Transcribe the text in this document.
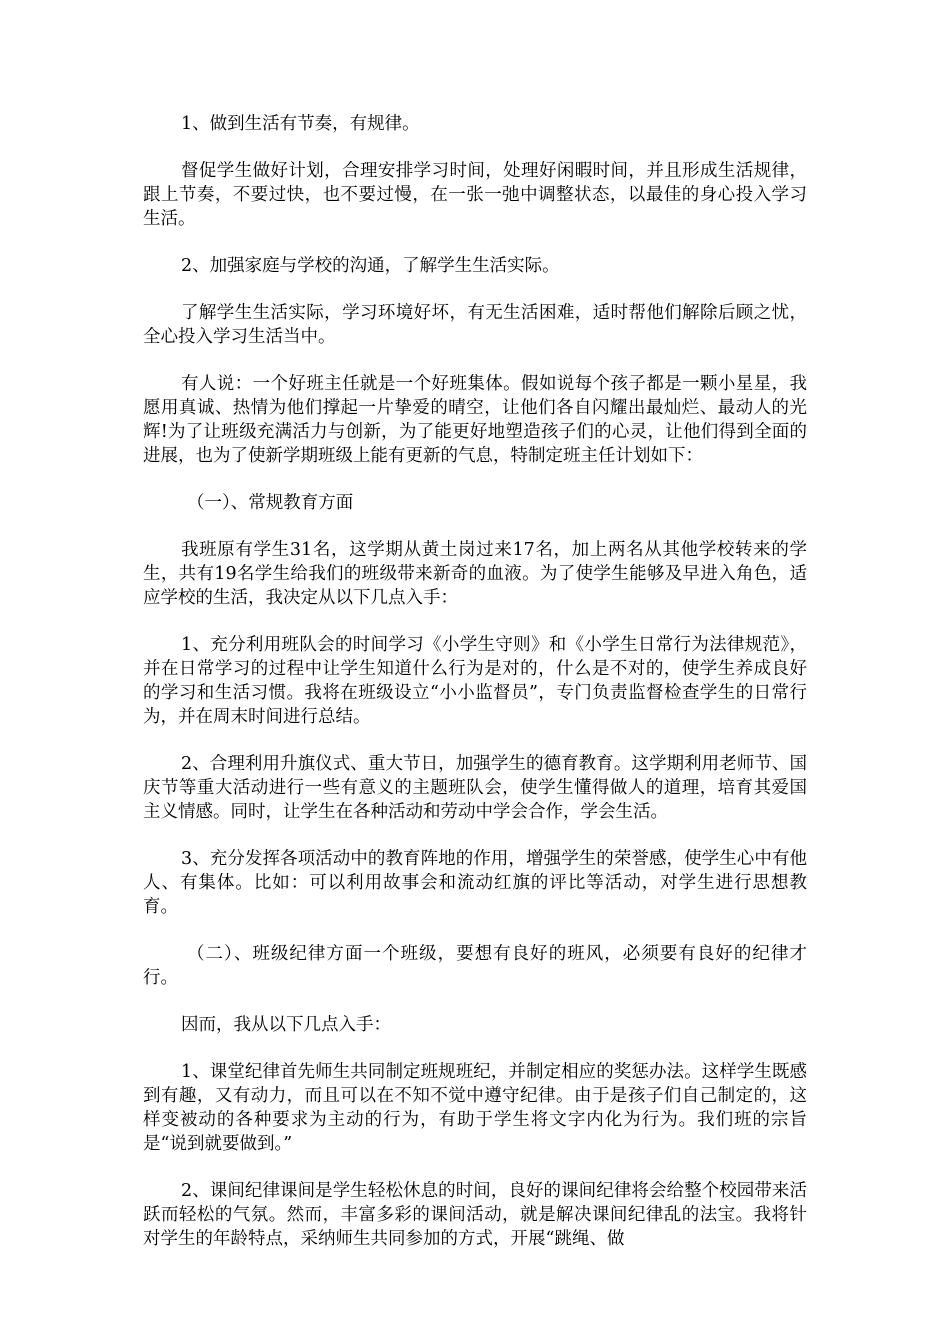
1、做到生活有节奏，有规律。

督促学生做好计划，合理安排学习时间，处理好闲暇时间，并且形成生活规律，跟上节奏，不要过快，也不要过慢，在一张一弛中调整状态，以最佳的身心投入学习生活。

2、加强家庭与学校的沟通，了解学生生活实际。

了解学生生活实际，学习环境好坏，有无生活困难，适时帮他们解除后顾之忧，全心投入学习生活当中。

有人说：一个好班主任就是一个好班集体。假如说每个孩子都是一颗小星星，我愿用真诚、热情为他们撑起一片挚爱的晴空，让他们各自闪耀出最灿烂、最动人的光辉!为了让班级充满活力与创新，为了能更好地塑造孩子们的心灵，让他们得到全面的进展，也为了使新学期班级上能有更新的气息，特制定班主任计划如下：

（一）、常规教育方面

我班原有学生31名，这学期从黄土岗过来17名，加上两名从其他学校转来的学生，共有19名学生给我们的班级带来新奇的血液。为了使学生能够及早进入角色，适应学校的生活，我决定从以下几点入手：

1、充分利用班队会的时间学习《小学生守则》和《小学生日常行为法律规范》，并在日常学习的过程中让学生知道什么行为是对的，什么是不对的，使学生养成良好的学习和生活习惯。我将在班级设立“小小监督员”，专门负责监督检查学生的日常行为，并在周末时间进行总结。

2、合理利用升旗仪式、重大节日，加强学生的德育教育。这学期利用老师节、国庆节等重大活动进行一些有意义的主题班队会，使学生懂得做人的道理，培育其爱国主义情感。同时，让学生在各种活动和劳动中学会合作，学会生活。

3、充分发挥各项活动中的教育阵地的作用，增强学生的荣誉感，使学生心中有他人、有集体。比如：可以利用故事会和流动红旗的评比等活动，对学生进行思想教育。

（二）、班级纪律方面一个班级，要想有良好的班风，必须要有良好的纪律才行。

因而，我从以下几点入手：

1、课堂纪律首先师生共同制定班规班纪，并制定相应的奖惩办法。这样学生既感到有趣，又有动力，而且可以在不知不觉中遵守纪律。由于是孩子们自己制定的，这样变被动的各种要求为主动的行为，有助于学生将文字内化为行为。我们班的宗旨是“说到就要做到。”

2、课间纪律课间是学生轻松休息的时间，良好的课间纪律将会给整个校园带来活跃而轻松的气氛。然而，丰富多彩的课间活动，就是解决课间纪律乱的法宝。我将针对学生的年龄特点，采纳师生共同参加的方式，开展“跳绳、做
